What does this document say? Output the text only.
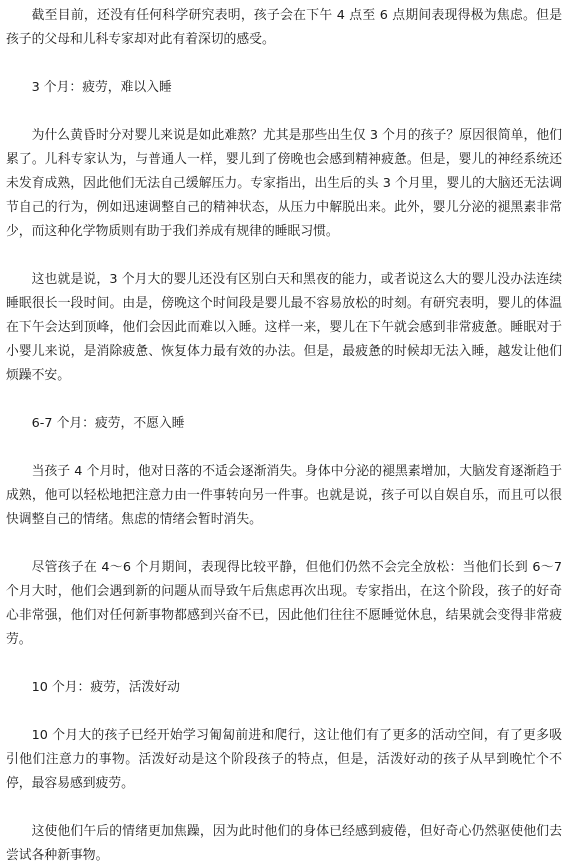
截至目前，还没有任何科学研究表明，孩子会在下午 4 点至 6 点期间表现得极为焦虑。但是孩子的父母和儿科专家却对此有着深切的感受。

3 个月：疲劳，难以入睡

为什么黄昏时分对婴儿来说是如此难熬？尤其是那些出生仅 3 个月的孩子？原因很简单，他们累了。儿科专家认为，与普通人一样，婴儿到了傍晚也会感到精神疲惫。但是，婴儿的神经系统还未发育成熟，因此他们无法自己缓解压力。专家指出，出生后的头 3 个月里，婴儿的大脑还无法调节自己的行为，例如迅速调整自己的精神状态，从压力中解脱出来。此外，婴儿分泌的褪黑素非常少，而这种化学物质则有助于我们养成有规律的睡眠习惯。

这也就是说，3 个月大的婴儿还没有区别白天和黑夜的能力，或者说这么大的婴儿没办法连续睡眠很长一段时间。由是，傍晚这个时间段是婴儿最不容易放松的时刻。有研究表明，婴儿的体温在下午会达到顶峰，他们会因此而难以入睡。这样一来，婴儿在下午就会感到非常疲惫。睡眠对于小婴儿来说，是消除疲惫、恢复体力最有效的办法。但是，最疲惫的时候却无法入睡，越发让他们烦躁不安。

6-7 个月：疲劳，不愿入睡

当孩子 4 个月时，他对日落的不适会逐渐消失。身体中分泌的褪黑素增加，大脑发育逐渐趋于成熟，他可以轻松地把注意力由一件事转向另一件事。也就是说，孩子可以自娱自乐，而且可以很快调整自己的情绪。焦虑的情绪会暂时消失。

尽管孩子在 4～6 个月期间，表现得比较平静，但他们仍然不会完全放松：当他们长到 6～7 个月大时，他们会遇到新的问题从而导致午后焦虑再次出现。专家指出，在这个阶段，孩子的好奇心非常强，他们对任何新事物都感到兴奋不已，因此他们往往不愿睡觉休息，结果就会变得非常疲劳。

10 个月：疲劳，活泼好动

10 个月大的孩子已经开始学习匍匐前进和爬行，这让他们有了更多的活动空间，有了更多吸引他们注意力的事物。活泼好动是这个阶段孩子的特点，但是，活泼好动的孩子从早到晚忙个不停，最容易感到疲劳。

这使他们午后的情绪更加焦躁，因为此时他们的身体已经感到疲倦，但好奇心仍然驱使他们去尝试各种新事物。
